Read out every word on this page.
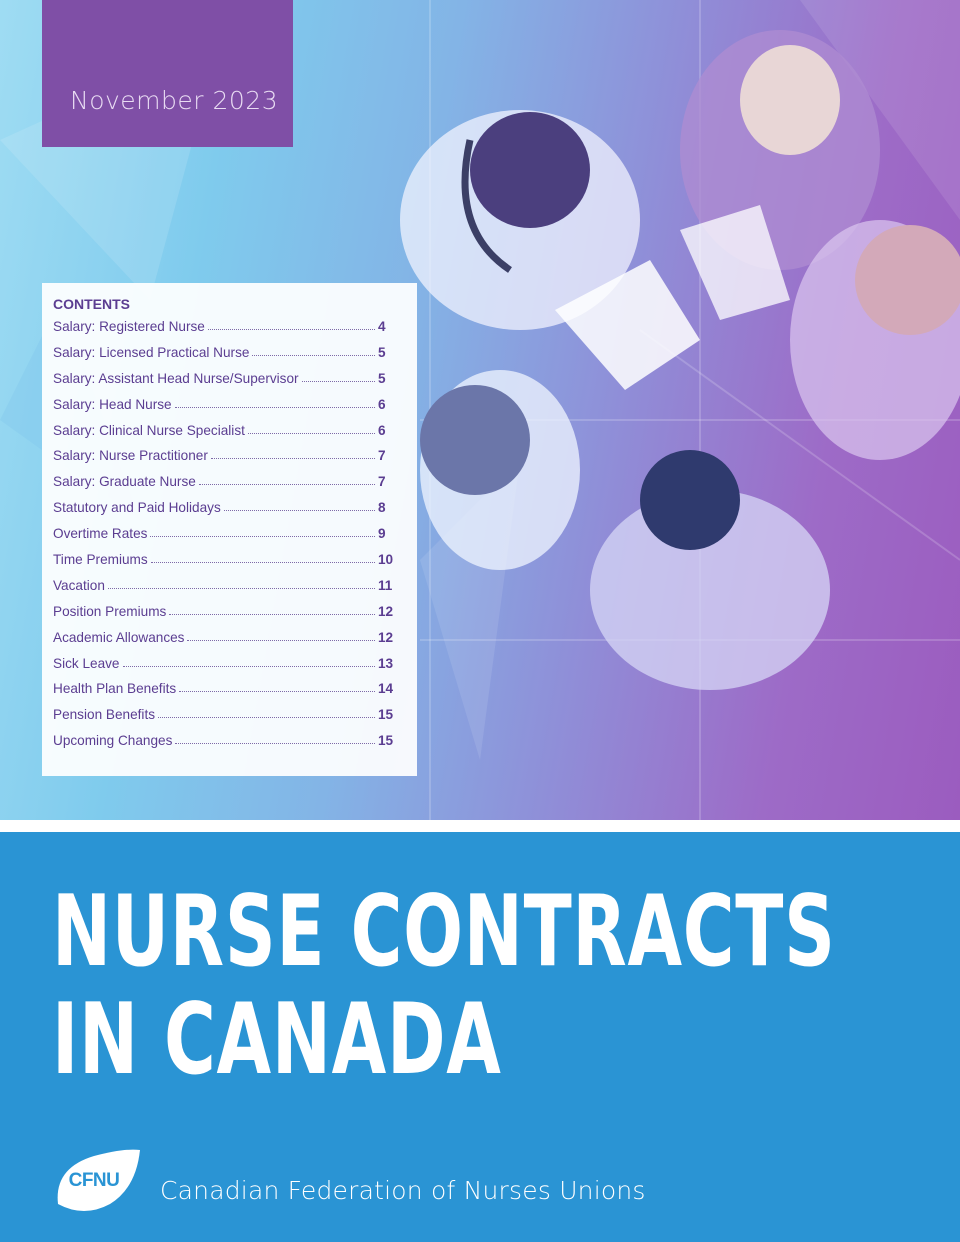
November 2023
CONTENTS
Salary: Registered Nurse	4
Salary: Licensed Practical Nurse	5
Salary: Assistant Head Nurse/Supervisor	5
Salary: Head Nurse	6
Salary: Clinical Nurse Specialist	6
Salary: Nurse Practitioner	7
Salary: Graduate Nurse	7
Statutory and Paid Holidays	8
Overtime Rates	9
Time Premiums	10
Vacation	11
Position Premiums	12
Academic Allowances	12
Sick Leave	13
Health Plan Benefits	14
Pension Benefits	15
Upcoming Changes	15
NURSE CONTRACTS
IN CANADA
CFNU	Canadian Federation of Nurses Unions
